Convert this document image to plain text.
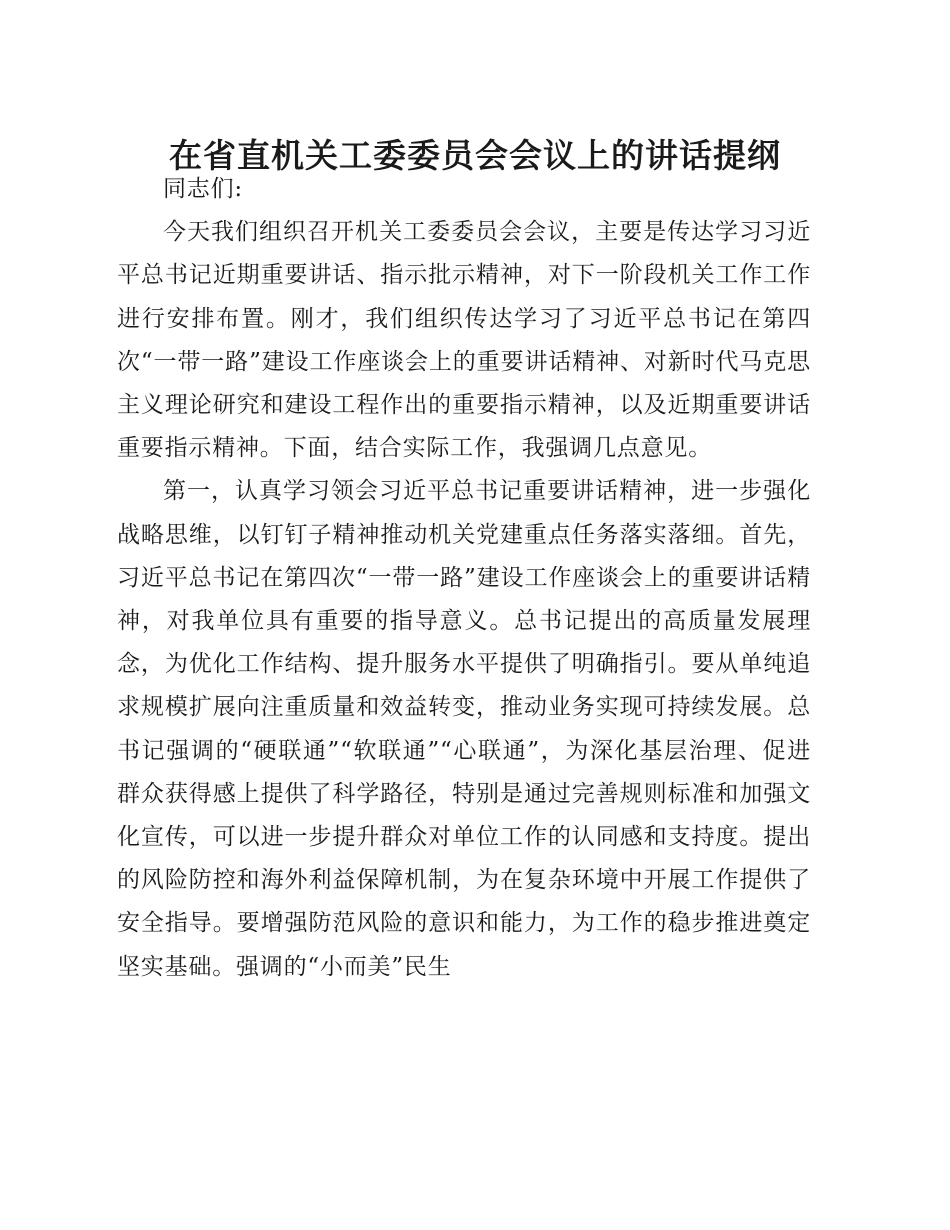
在省直机关工委委员会会议上的讲话提纲

同志们:

今天我们组织召开机关工委委员会会议，主要是传达学习习近平总书记近期重要讲话、指示批示精神，对下一阶段机关工作工作进行安排布置。刚才，我们组织传达学习了习近平总书记在第四次“一带一路”建设工作座谈会上的重要讲话精神、对新时代马克思主义理论研究和建设工程作出的重要指示精神，以及近期重要讲话重要指示精神。下面，结合实际工作，我强调几点意见。

第一，认真学习领会习近平总书记重要讲话精神，进一步强化战略思维，以钉钉子精神推动机关党建重点任务落实落细。首先，习近平总书记在第四次“一带一路”建设工作座谈会上的重要讲话精神，对我单位具有重要的指导意义。总书记提出的高质量发展理念，为优化工作结构、提升服务水平提供了明确指引。要从单纯追求规模扩展向注重质量和效益转变，推动业务实现可持续发展。总书记强调的“硬联通”“软联通”“心联通”，为深化基层治理、促进群众获得感上提供了科学路径，特别是通过完善规则标准和加强文化宣传，可以进一步提升群众对单位工作的认同感和支持度。提出的风险防控和海外利益保障机制，为在复杂环境中开展工作提供了安全指导。要增强防范风险的意识和能力，为工作的稳步推进奠定坚实基础。强调的“小而美”民生
